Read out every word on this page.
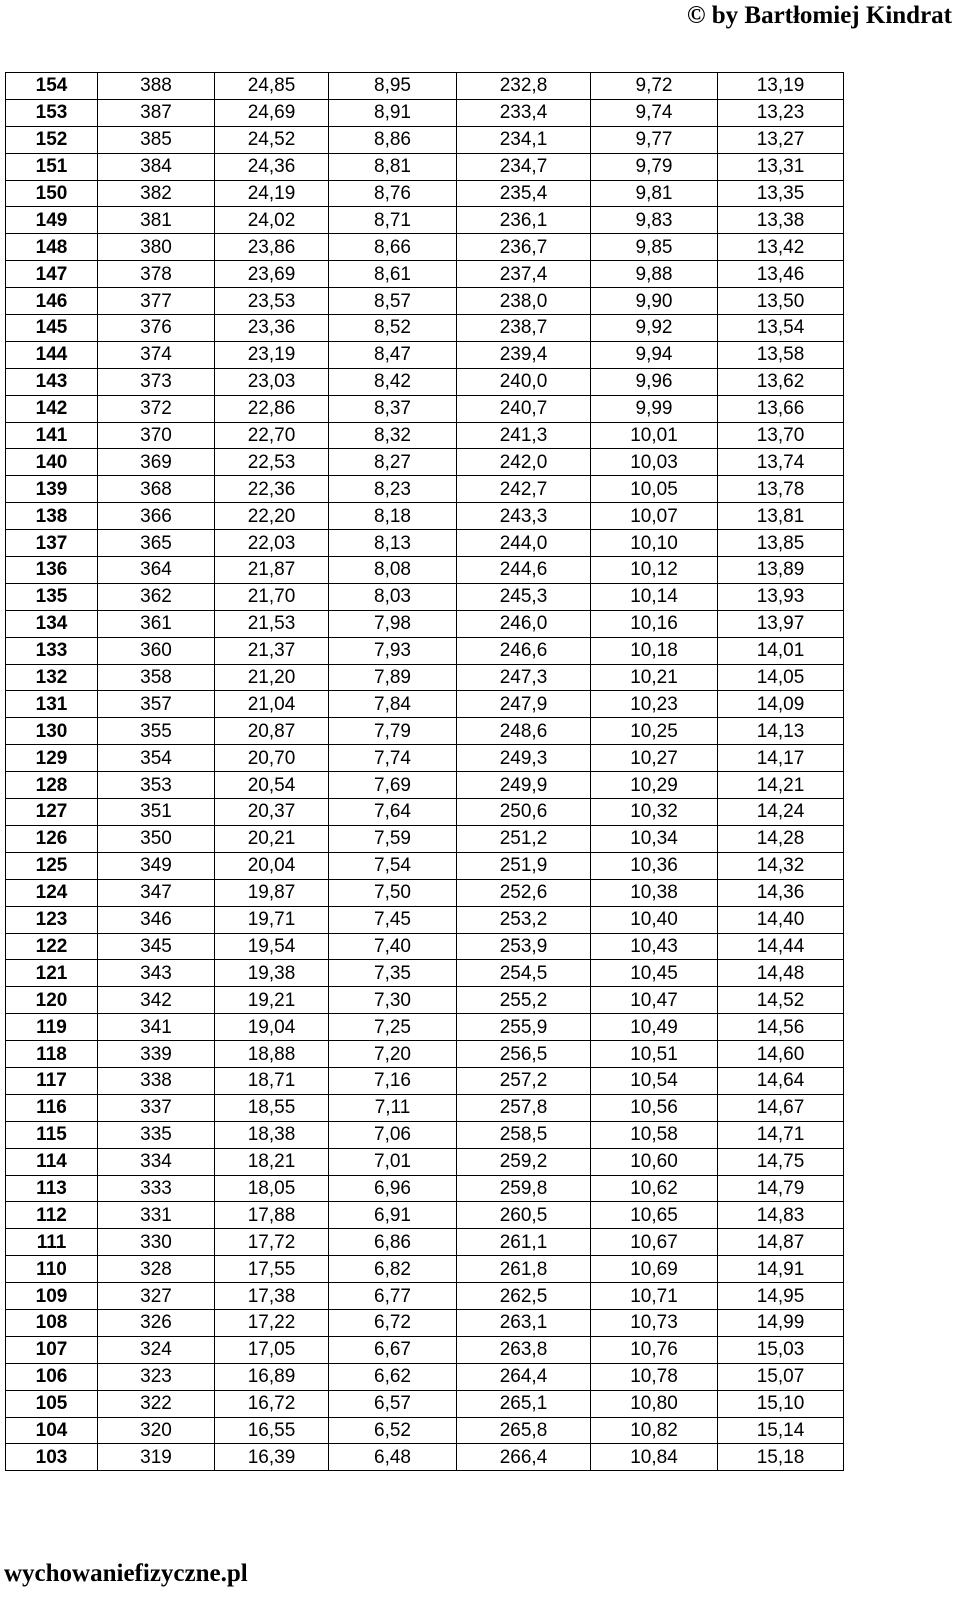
© by Bartłomiej Kindrat
154	388	24,85	8,95	232,8	9,72	13,19
153	387	24,69	8,91	233,4	9,74	13,23
152	385	24,52	8,86	234,1	9,77	13,27
151	384	24,36	8,81	234,7	9,79	13,31
150	382	24,19	8,76	235,4	9,81	13,35
149	381	24,02	8,71	236,1	9,83	13,38
148	380	23,86	8,66	236,7	9,85	13,42
147	378	23,69	8,61	237,4	9,88	13,46
146	377	23,53	8,57	238,0	9,90	13,50
145	376	23,36	8,52	238,7	9,92	13,54
144	374	23,19	8,47	239,4	9,94	13,58
143	373	23,03	8,42	240,0	9,96	13,62
142	372	22,86	8,37	240,7	9,99	13,66
141	370	22,70	8,32	241,3	10,01	13,70
140	369	22,53	8,27	242,0	10,03	13,74
139	368	22,36	8,23	242,7	10,05	13,78
138	366	22,20	8,18	243,3	10,07	13,81
137	365	22,03	8,13	244,0	10,10	13,85
136	364	21,87	8,08	244,6	10,12	13,89
135	362	21,70	8,03	245,3	10,14	13,93
134	361	21,53	7,98	246,0	10,16	13,97
133	360	21,37	7,93	246,6	10,18	14,01
132	358	21,20	7,89	247,3	10,21	14,05
131	357	21,04	7,84	247,9	10,23	14,09
130	355	20,87	7,79	248,6	10,25	14,13
129	354	20,70	7,74	249,3	10,27	14,17
128	353	20,54	7,69	249,9	10,29	14,21
127	351	20,37	7,64	250,6	10,32	14,24
126	350	20,21	7,59	251,2	10,34	14,28
125	349	20,04	7,54	251,9	10,36	14,32
124	347	19,87	7,50	252,6	10,38	14,36
123	346	19,71	7,45	253,2	10,40	14,40
122	345	19,54	7,40	253,9	10,43	14,44
121	343	19,38	7,35	254,5	10,45	14,48
120	342	19,21	7,30	255,2	10,47	14,52
119	341	19,04	7,25	255,9	10,49	14,56
118	339	18,88	7,20	256,5	10,51	14,60
117	338	18,71	7,16	257,2	10,54	14,64
116	337	18,55	7,11	257,8	10,56	14,67
115	335	18,38	7,06	258,5	10,58	14,71
114	334	18,21	7,01	259,2	10,60	14,75
113	333	18,05	6,96	259,8	10,62	14,79
112	331	17,88	6,91	260,5	10,65	14,83
111	330	17,72	6,86	261,1	10,67	14,87
110	328	17,55	6,82	261,8	10,69	14,91
109	327	17,38	6,77	262,5	10,71	14,95
108	326	17,22	6,72	263,1	10,73	14,99
107	324	17,05	6,67	263,8	10,76	15,03
106	323	16,89	6,62	264,4	10,78	15,07
105	322	16,72	6,57	265,1	10,80	15,10
104	320	16,55	6,52	265,8	10,82	15,14
103	319	16,39	6,48	266,4	10,84	15,18
wychowaniefizyczne.pl
